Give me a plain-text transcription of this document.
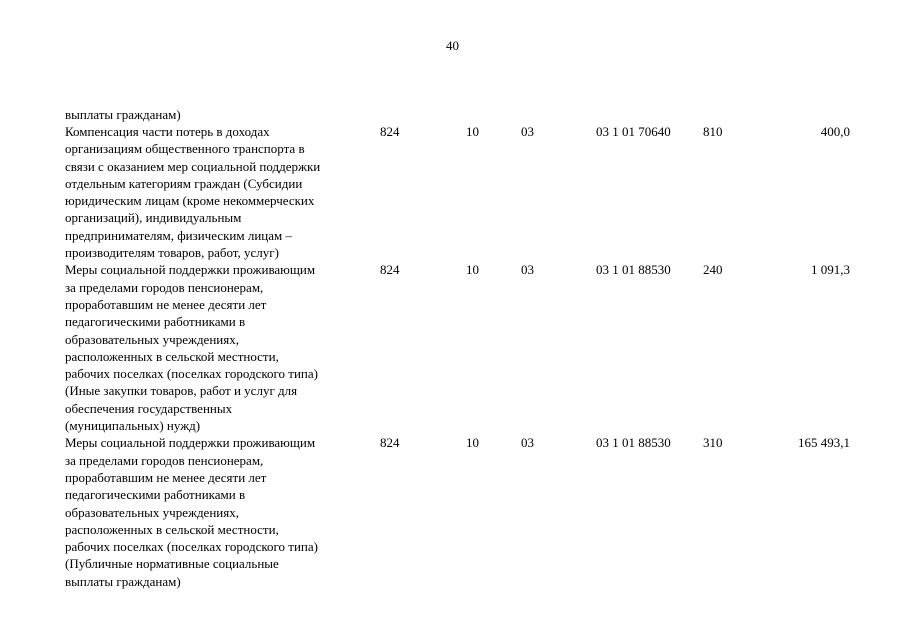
40
выплаты гражданам)
Компенсация части потерь в доходах
организациям общественного транспорта в
связи с оказанием мер социальной поддержки
отдельным категориям граждан (Субсидии
юридическим лицам (кроме некоммерческих
организаций), индивидуальным
предпринимателям, физическим лицам –
производителям товаров, работ, услуг)
824	10	03	03 1 01 70640 810	400,0
Меры социальной поддержки проживающим
за пределами городов пенсионерам,
проработавшим не менее десяти лет
педагогическими работниками в
образовательных учреждениях,
расположенных в сельской местности,
рабочих поселках (поселках городского типа)
(Иные закупки товаров, работ и услуг для
обеспечения государственных
(муниципальных) нужд)
824	10	03	03 1 01 88530 240	1 091,3
Меры социальной поддержки проживающим
за пределами городов пенсионерам,
проработавшим не менее десяти лет
педагогическими работниками в
образовательных учреждениях,
расположенных в сельской местности,
рабочих поселках (поселках городского типа)
(Публичные нормативные социальные
выплаты гражданам)
824	10	03	03 1 01 88530 310	165 493,1
